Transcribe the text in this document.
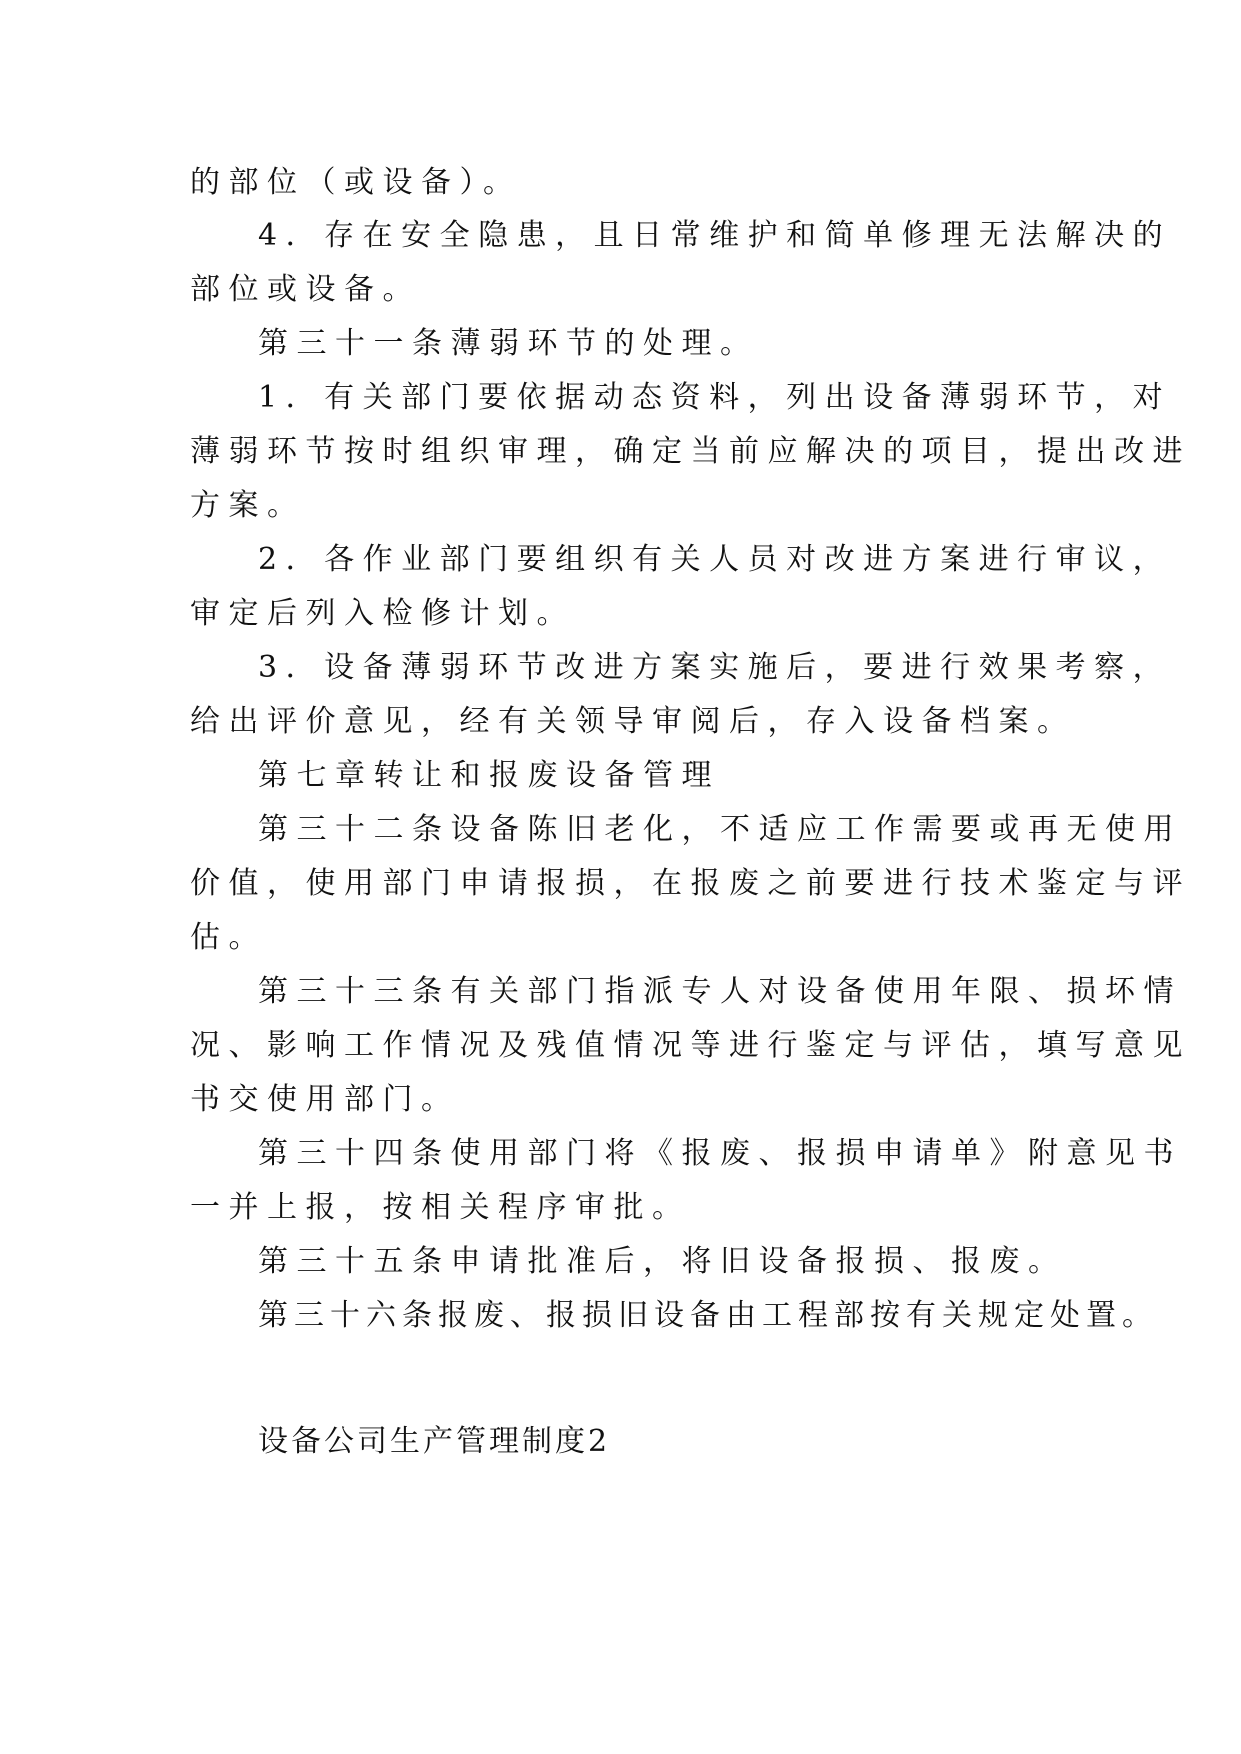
的部位（或设备）。

4．存在安全隐患，且日常维护和简单修理无法解决的

部位或设备。

第三十一条薄弱环节的处理。

1．有关部门要依据动态资料，列出设备薄弱环节，对

薄弱环节按时组织审理，确定当前应解决的项目，提出改进

方案。

2．各作业部门要组织有关人员对改进方案进行审议，

审定后列入检修计划。

3．设备薄弱环节改进方案实施后，要进行效果考察，

给出评价意见，经有关领导审阅后，存入设备档案。

第七章转让和报废设备管理

第三十二条设备陈旧老化，不适应工作需要或再无使用

价值，使用部门申请报损，在报废之前要进行技术鉴定与评

估。

第三十三条有关部门指派专人对设备使用年限、损坏情

况、影响工作情况及残值情况等进行鉴定与评估，填写意见

书交使用部门。

第三十四条使用部门将《报废、报损申请单》附意见书

一并上报，按相关程序审批。

第三十五条申请批准后，将旧设备报损、报废。

第三十六条报废、报损旧设备由工程部按有关规定处置。

设备公司生产管理制度2
